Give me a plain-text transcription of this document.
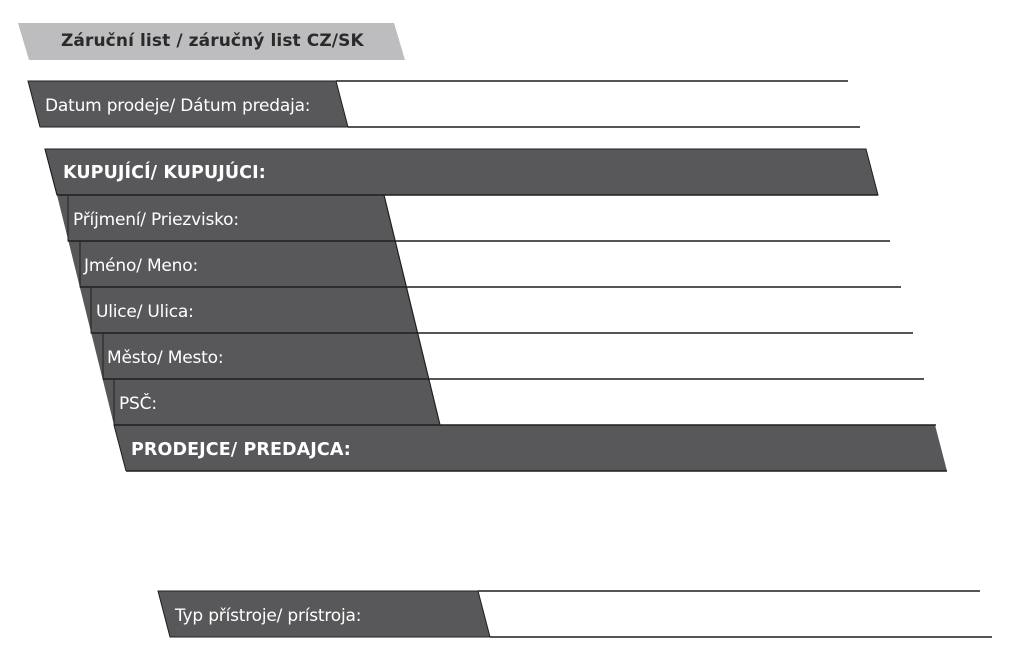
Záruční list / záručný list CZ/SK
Datum prodeje/ Dátum predaja:
KUPUJÍCÍ/ KUPUJÚCI:
Příjmení/ Priezvisko:
Jméno/ Meno:
Ulice/ Ulica:
Město/ Mesto:
PSČ:
PRODEJCE/ PREDAJCA:
Typ přístroje/ prístroja:
